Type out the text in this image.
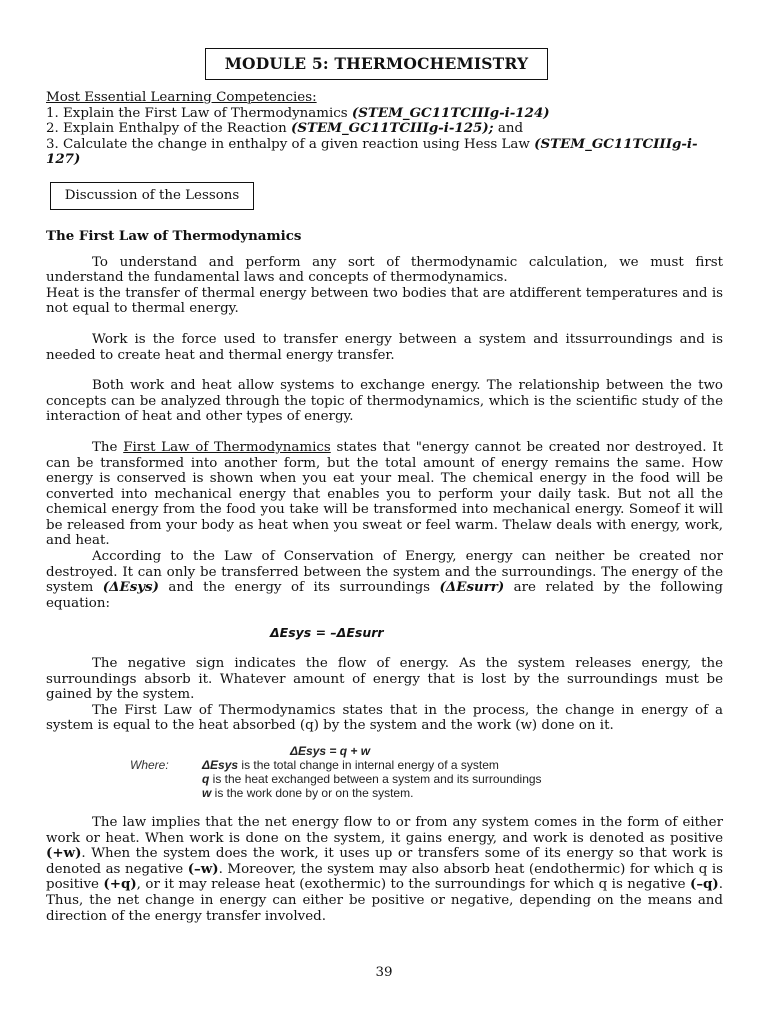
MODULE 5: THERMOCHEMISTRY
Most Essential Learning Competencies:
1. Explain the First Law of Thermodynamics (STEM_GC11TCIIIg-i-124)
2. Explain Enthalpy of the Reaction (STEM_GC11TCIIIg-i-125); and
3. Calculate the change in enthalpy of a given reaction using Hess Law (STEM_GC11TCIIIg-i-127)
Discussion of the Lessons
The First Law of Thermodynamics

To understand and perform any sort of thermodynamic calculation, we must first understand the fundamental laws and concepts of thermodynamics.

Heat is the transfer of thermal energy between two bodies that are atdifferent temperatures and is not equal to thermal energy.

Work is the force used to transfer energy between a system and itssurroundings and is needed to create heat and thermal energy transfer.

Both work and heat allow systems to exchange energy. The relationship between the two concepts can be analyzed through the topic of thermodynamics, which is the scientific study of the interaction of heat and other types of energy.

The First Law of Thermodynamics states that "energy cannot be created nor destroyed. It can be transformed into another form, but the total amount of energy remains the same. How energy is conserved is shown when you eat your meal. The chemical energy in the food will be converted into mechanical energy that enables you to perform your daily task. But not all the chemical energy from the food you take will be transformed into mechanical energy. Someof it will be released from your body as heat when you sweat or feel warm. Thelaw deals with energy, work, and heat.

According to the Law of Conservation of Energy, energy can neither be created nor destroyed. It can only be transferred between the system and the surroundings. The energy of the system (ΔEsys) and the energy of its surroundings (ΔEsurr) are related by the following equation:

ΔEsys = –ΔEsurr

The negative sign indicates the flow of energy. As the system releases energy, the surroundings absorb it. Whatever amount of energy that is lost by the surroundings must be gained by the system.

The First Law of Thermodynamics states that in the process, the change in energy of a system is equal to the heat absorbed (q) by the system and the work (w) done on it.

ΔEsys = q + w
Where:	ΔEsys is the total change in internal energy of a system
q is the heat exchanged between a system and its surroundings
w is the work done by or on the system.

The law implies that the net energy flow to or from any system comes in the form of either work or heat. When work is done on the system, it gains energy, and work is denoted as positive (+w). When the system does the work, it uses up or transfers some of its energy so that work is denoted as negative (–w). Moreover, the system may also absorb heat (endothermic) for which q is positive (+q), or it may release heat (exothermic) to the surroundings for which q is negative (–q). Thus, the net change in energy can either be positive or negative, depending on the means and direction of the energy transfer involved.

39
